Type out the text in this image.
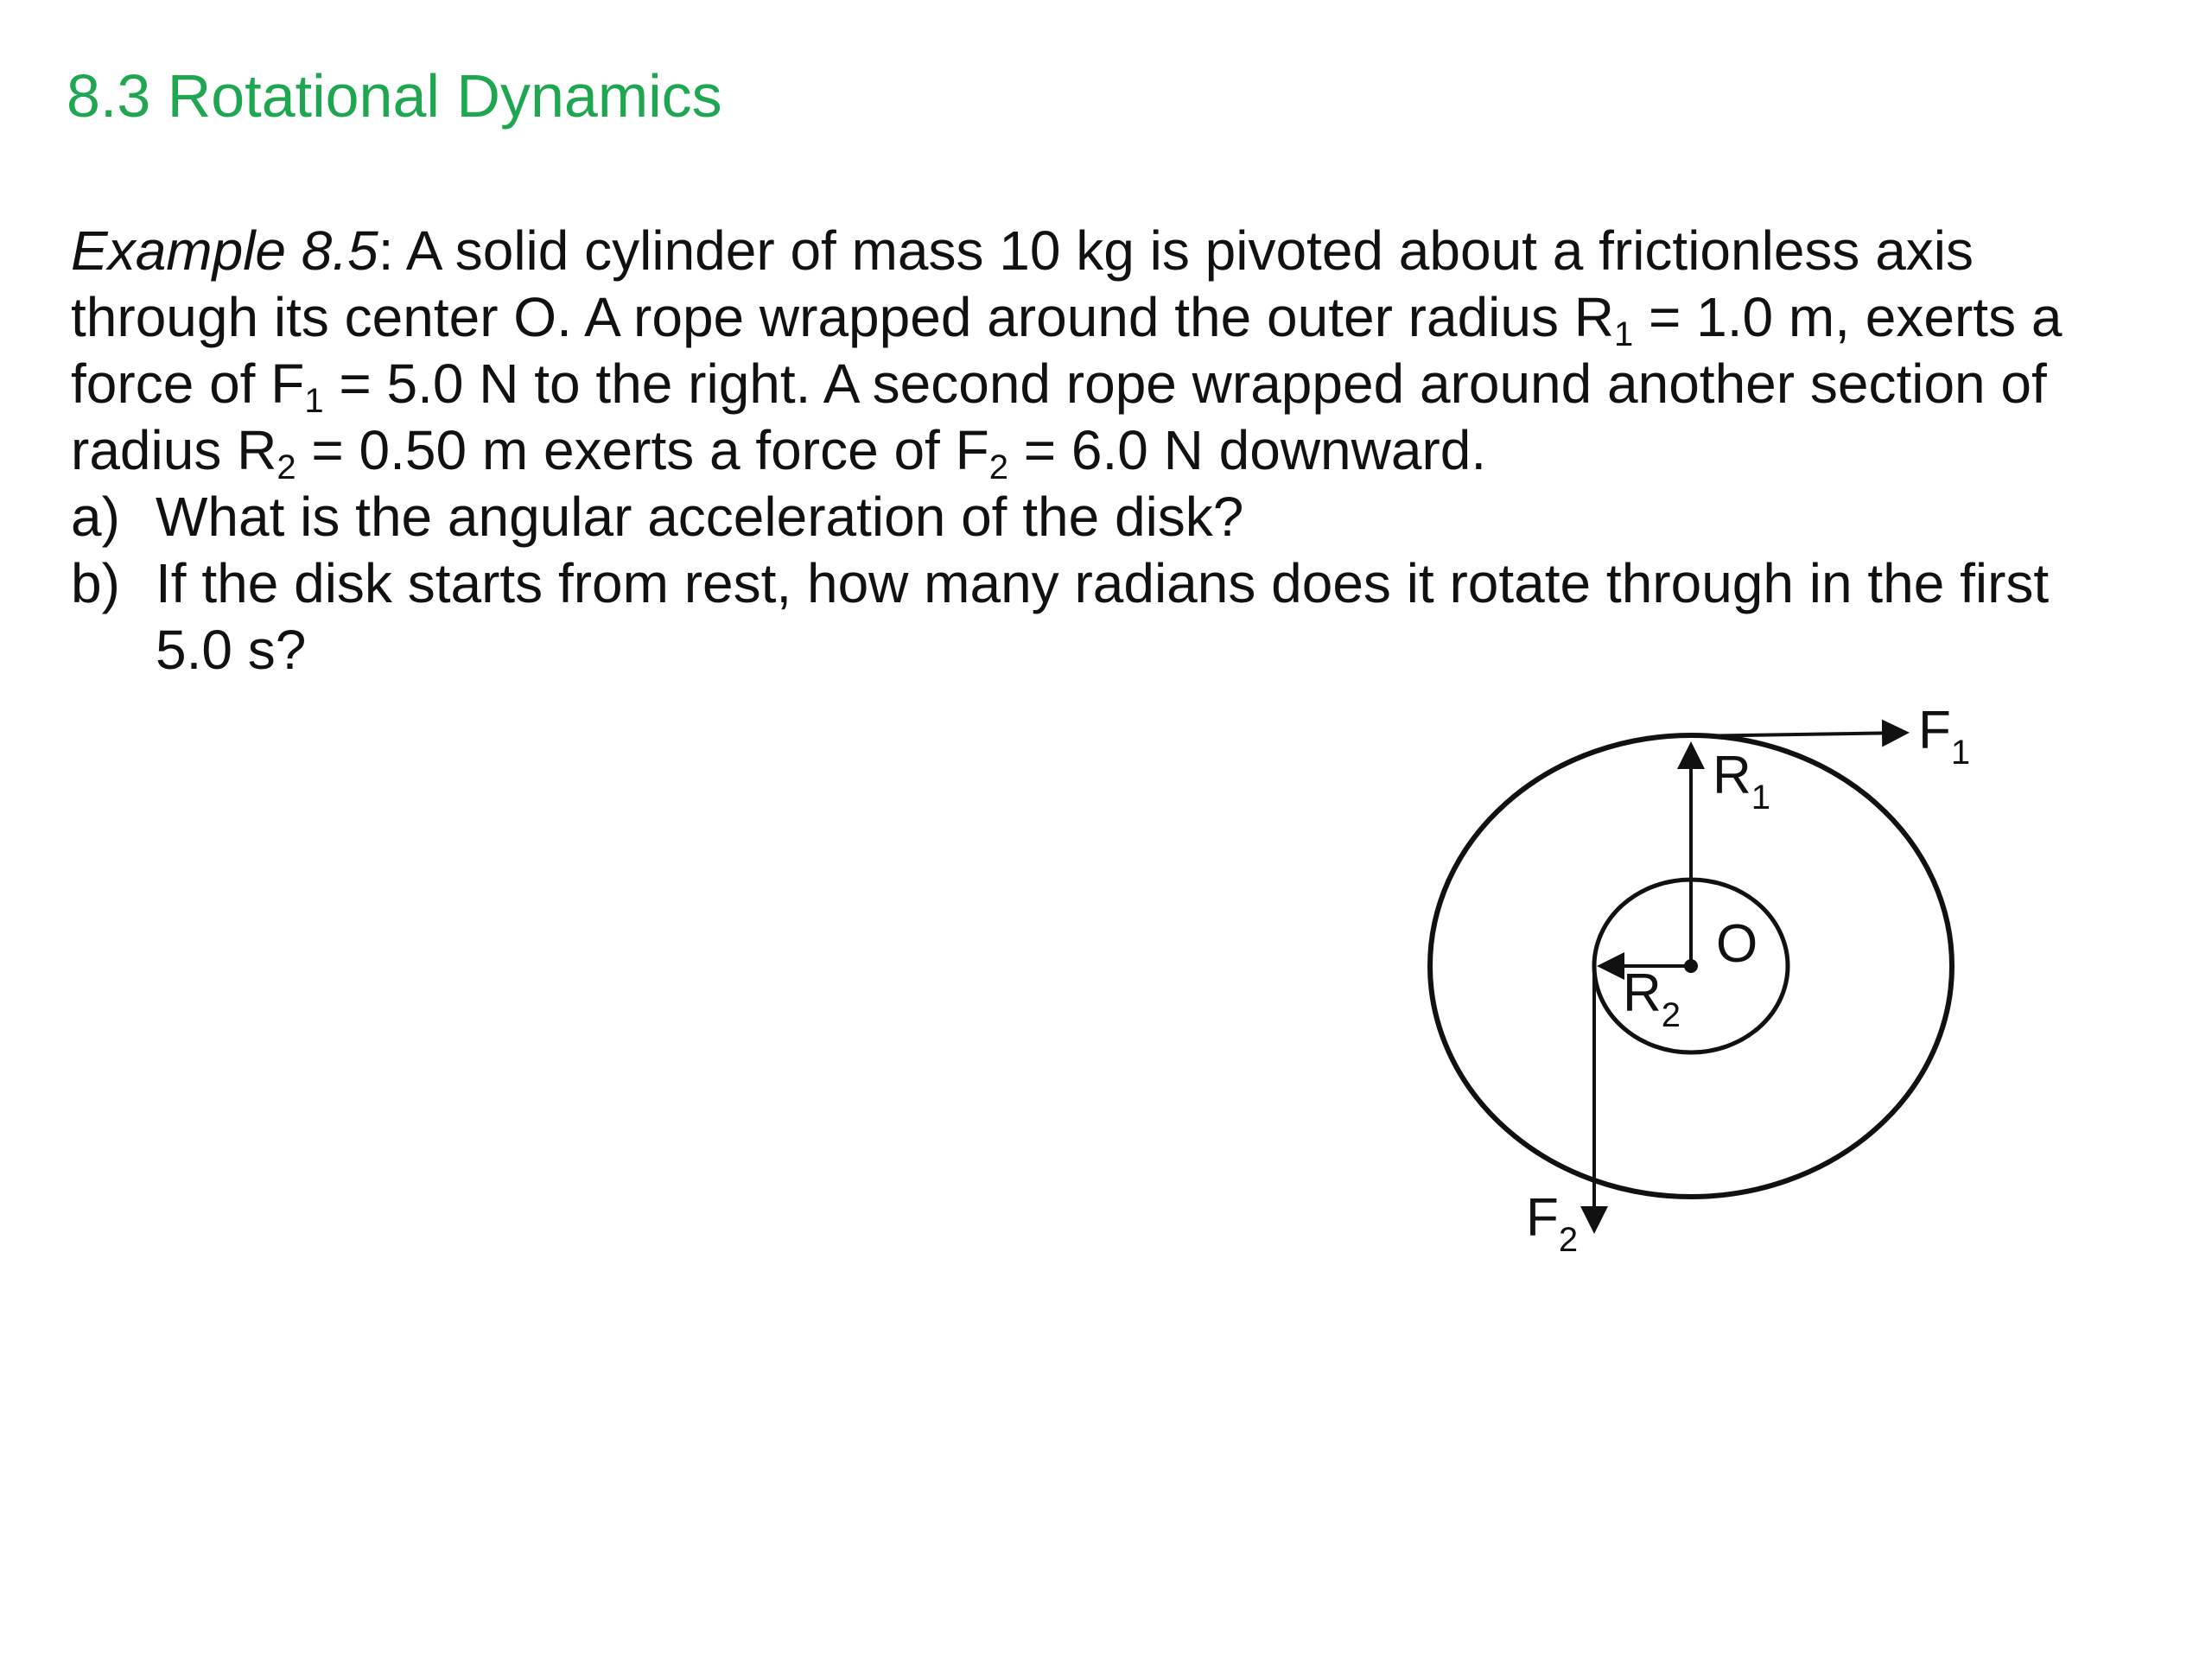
8.3 Rotational Dynamics
Example 8.5: A solid cylinder of mass 10 kg is pivoted about a frictionless axis
through its center O. A rope wrapped around the outer radius $R_1 = 1.0$ m, exerts a
force of $F_1 = 5.0$ N to the right. A second rope wrapped around another section of
radius $R_2 = 0.50$ m exerts a force of $F_2 = 6.0$ N downward.
a) What is the angular acceleration of the disk?
b) If the disk starts from rest, how many radians does it rotate through in the first
5.0 s?
$F_1$
$R_1$
O
$R_2$
$F_2$
